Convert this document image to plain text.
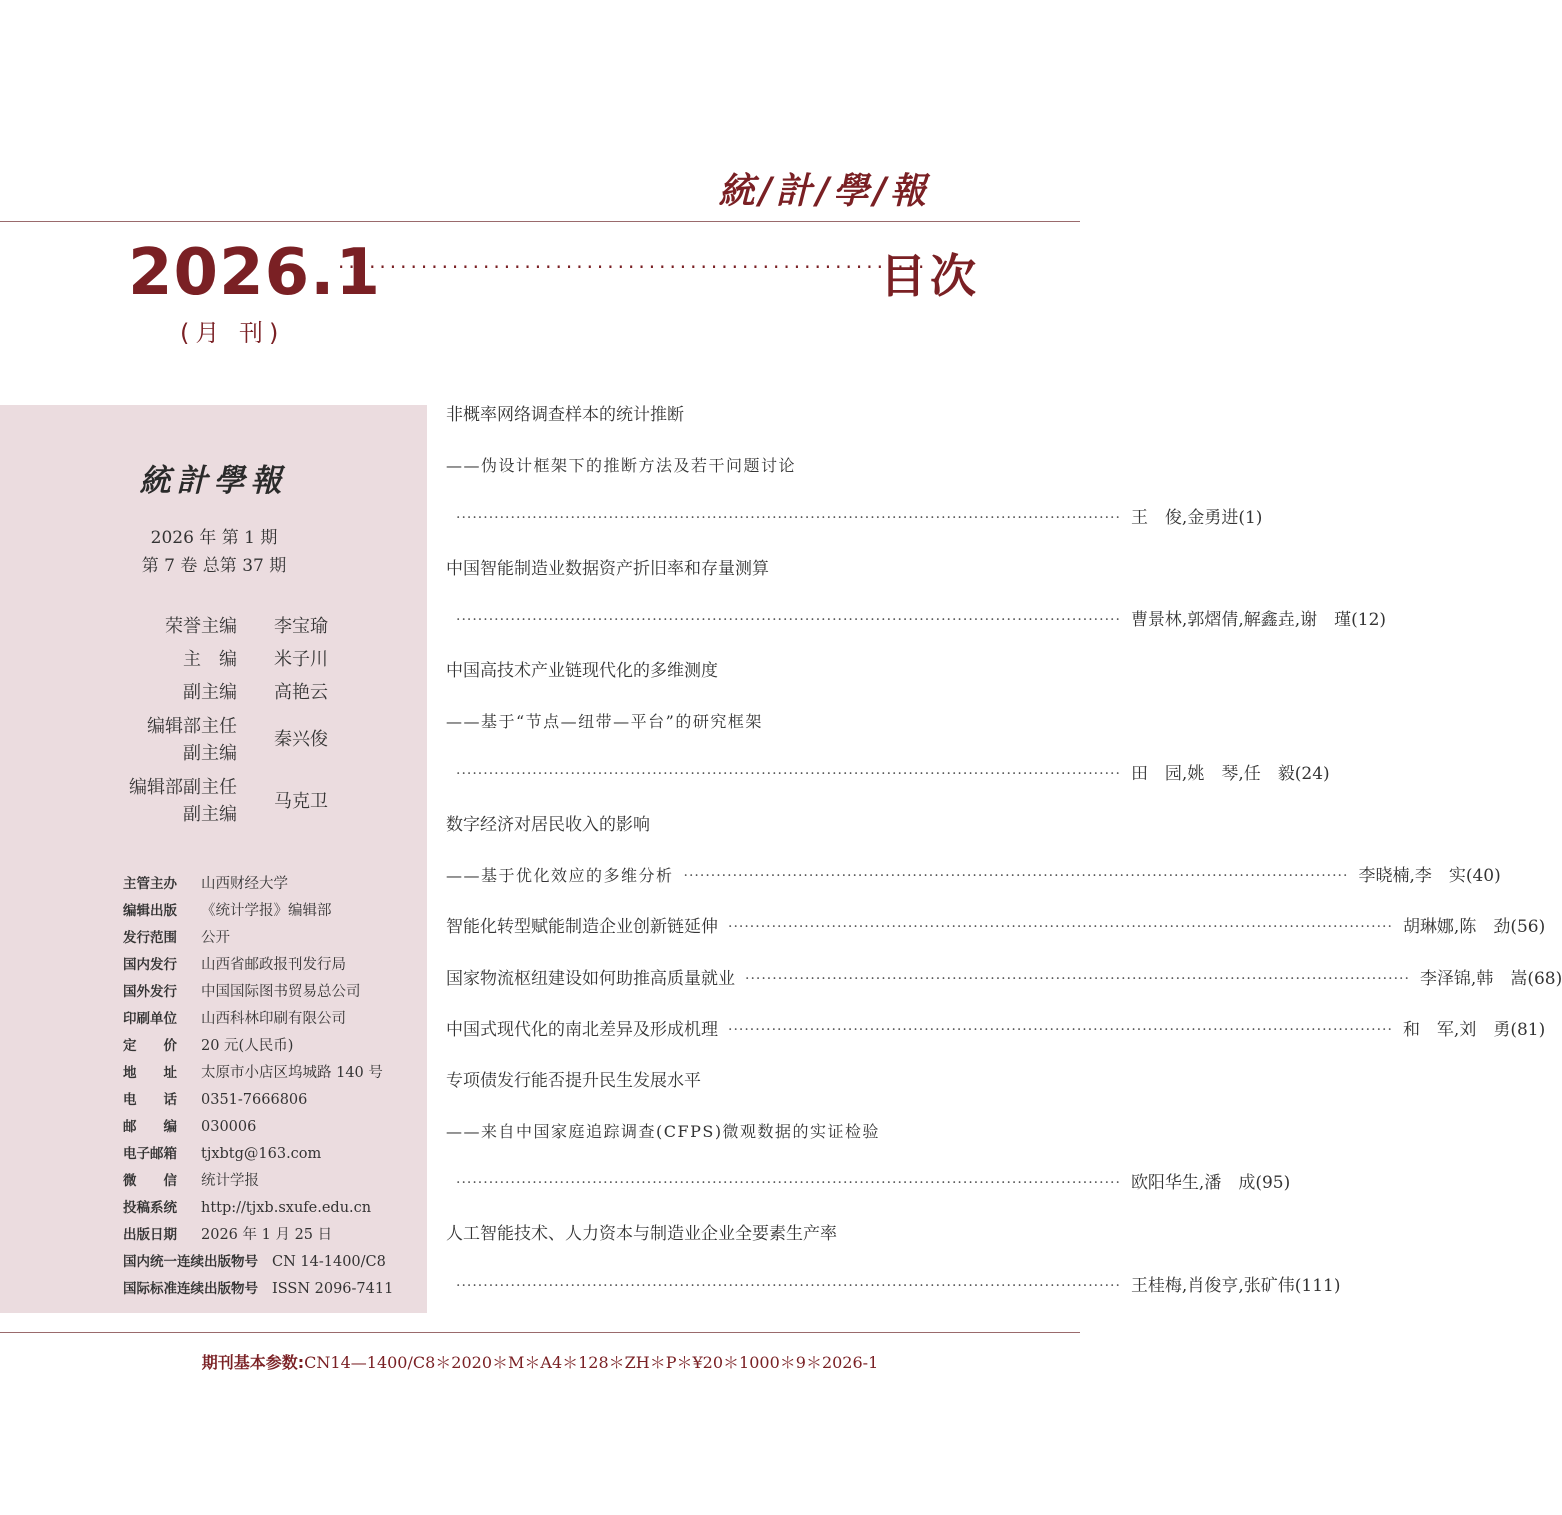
統/計/學/報
2026.1
·························································
目次
(月 刊)
統計學報
2026 年 第 1 期
第 7 卷 总第 37 期
荣誉主编 李宝瑜
主　编 米子川
副主编 高艳云
编辑部主任
副主编
秦兴俊
编辑部副主任
副主编
马克卫
主管主办 山西财经大学
编辑出版 《统计学报》编辑部
发行范围 公开
国内发行 山西省邮政报刊发行局
国外发行 中国国际图书贸易总公司
印刷单位 山西科林印刷有限公司
定　　价 20 元(人民币)
地　　址 太原市小店区坞城路 140 号
电　　话 0351-7666806
邮　　编 030006
电子邮箱 tjxbtg@163.com
微　　信 统计学报
投稿系统 http://tjxb.sxufe.edu.cn
出版日期 2026 年 1 月 25 日
国内统一连续出版物号 CN 14-1400/C8
国际标准连续出版物号 ISSN 2096-7411
非概率网络调查样本的统计推断
——伪设计框架下的推断方法及若干问题讨论
·····
王　俊,金勇进(1)
中国智能制造业数据资产折旧率和存量测算
·····
曹景林,郭熠倩,解鑫垚,谢　瑾(12)
中国高技术产业链现代化的多维测度
——基于“节点—纽带—平台”的研究框架
·····
田　园,姚　琴,任　毅(24)
数字经济对居民收入的影响
——基于优化效应的多维分析 ·····	李晓楠,李　实(40)
智能化转型赋能制造企业创新链延伸 ·····	胡琳娜,陈　劲(56)
国家物流枢纽建设如何助推高质量就业 ·····	李泽锦,韩　嵩(68)
中国式现代化的南北差异及形成机理 ·····	和　军,刘　勇(81)
专项债发行能否提升民生发展水平
——来自中国家庭追踪调查(CFPS)微观数据的实证检验
·····
欧阳华生,潘　成(95)
人工智能技术、人力资本与制造业企业全要素生产率
·····
王桂梅,肖俊亨,张矿伟(111)
期刊基本参数:CN14—1400/C8＊2020＊M＊A4＊128＊ZH＊P＊¥20＊1000＊9＊2026-1
